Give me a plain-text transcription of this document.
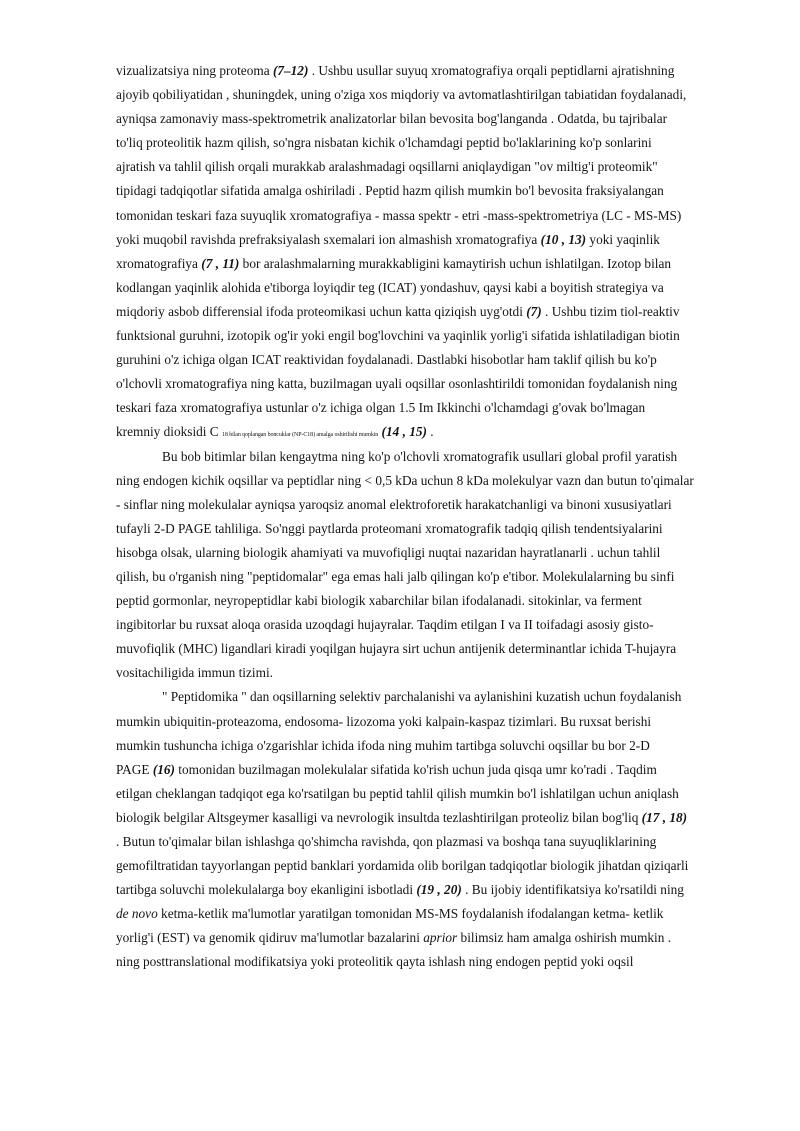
vizualizatsiya ning proteoma (7–12) . Ushbu usullar suyuq xromatografiya orqali peptidlarni ajratishning
ajoyib qobiliyatidan , shuningdek, uning o'ziga xos miqdoriy va avtomatlashtirilgan tabiatidan foydalanadi,
ayniqsa zamonaviy mass-spektrometrik analizatorlar bilan bevosita bog'langanda . Odatda, bu tajribalar
to'liq proteolitik hazm qilish, so'ngra nisbatan kichik o'lchamdagi peptid bo'laklarining ko'p sonlarini
ajratish va tahlil qilish orqali murakkab aralashmadagi oqsillarni aniqlaydigan "ov miltig'i proteomik"
tipidagi tadqiqotlar sifatida amalga oshiriladi . Peptid hazm qilish mumkin bo'l bevosita fraksiyalangan
tomonidan teskari faza suyuqlik xromatografiya - massa spektr - etri -mass-spektrometriya (LC - MS-MS)
yoki muqobil ravishda prefraksiyalash sxemalari ion almashish xromatografiya (10 , 13) yoki yaqinlik
xromatografiya (7 , 11) bor aralashmalarning murakkabligini kamaytirish uchun ishlatilgan. Izotop bilan
kodlangan yaqinlik alohida e'tiborga loyiqdir teg (ICAT) yondashuv, qaysi kabi a boyitish strategiya va
miqdoriy asbob differensial ifoda proteomikasi uchun katta qiziqish uyg'otdi (7) . Ushbu tizim tiol-reaktiv
funktsional guruhni, izotopik og'ir yoki engil bog'lovchini va yaqinlik yorlig'i sifatida ishlatiladigan biotin
guruhini o'z ichiga olgan ICAT reaktividan foydalanadi. Dastlabki hisobotlar ham taklif qilish bu ko'p
o'lchovli xromatografiya ning katta, buzilmagan uyali oqsillar osonlashtirildi tomonidan foydalanish ning
teskari faza xromatografiya ustunlar o'z ichiga olgan 1.5 Im Ikkinchi o'lchamdagi g'ovak bo'lmagan
kremniy dioksidi C 18 bilan qoplangan boncuklar (NP-C18) amalga oshirilishi mumkin (14 , 15) .
Bu bob bitimlar bilan kengaytma ning ko'p o'lchovli xromatografik usullari global profil yaratish
ning endogen kichik oqsillar va peptidlar ning < 0,5 kDa uchun 8 kDa molekulyar vazn dan butun to'qimalar
- sinflar ning molekulalar ayniqsa yaroqsiz anomal elektroforetik harakatchanligi va binoni xususiyatlari
tufayli 2-D PAGE tahliliga. So'nggi paytlarda proteomani xromatografik tadqiq qilish tendentsiyalarini
hisobga olsak, ularning biologik ahamiyati va muvofiqligi nuqtai nazaridan hayratlanarli . uchun tahlil
qilish, bu o'rganish ning "peptidomalar" ega emas hali jalb qilingan ko'p e'tibor. Molekulalarning bu sinfi
peptid gormonlar, neyropeptidlar kabi biologik xabarchilar bilan ifodalanadi. sitokinlar, va ferment
ingibitorlar bu ruxsat aloqa orasida uzoqdagi hujayralar. Taqdim etilgan I va II toifadagi asosiy gisto-
muvofiqlik (MHC) ligandlari kiradi yoqilgan hujayra sirt uchun antijenik determinantlar ichida T-hujayra
vositachiligida immun tizimi.
" Peptidomika " dan oqsillarning selektiv parchalanishi va aylanishini kuzatish uchun foydalanish
mumkin ubiquitin-proteazoma, endosoma- lizozoma yoki kalpain-kaspaz tizimlari. Bu ruxsat berishi
mumkin tushuncha ichiga o'zgarishlar ichida ifoda ning muhim tartibga soluvchi oqsillar bu bor 2-D
PAGE (16) tomonidan buzilmagan molekulalar sifatida ko'rish uchun juda qisqa umr ko'radi . Taqdim
etilgan cheklangan tadqiqot ega ko'rsatilgan bu peptid tahlil qilish mumkin bo'l ishlatilgan uchun aniqlash
biologik belgilar Altsgeymer kasalligi va nevrologik insultda tezlashtirilgan proteoliz bilan bog'liq (17 , 18)
. Butun to'qimalar bilan ishlashga qo'shimcha ravishda, qon plazmasi va boshqa tana suyuqliklarining
gemofiltratidan tayyorlangan peptid banklari yordamida olib borilgan tadqiqotlar biologik jihatdan qiziqarli
tartibga soluvchi molekulalarga boy ekanligini isbotladi (19 , 20) . Bu ijobiy identifikatsiya ko'rsatildi ning
de novo ketma-ketlik ma'lumotlar yaratilgan tomonidan MS-MS foydalanish ifodalangan ketma- ketlik
yorlig'i (EST) va genomik qidiruv ma'lumotlar bazalarini aprior bilimsiz ham amalga oshirish mumkin .
ning posttranslational modifikatsiya yoki proteolitik qayta ishlash ning endogen peptid yoki oqsil
